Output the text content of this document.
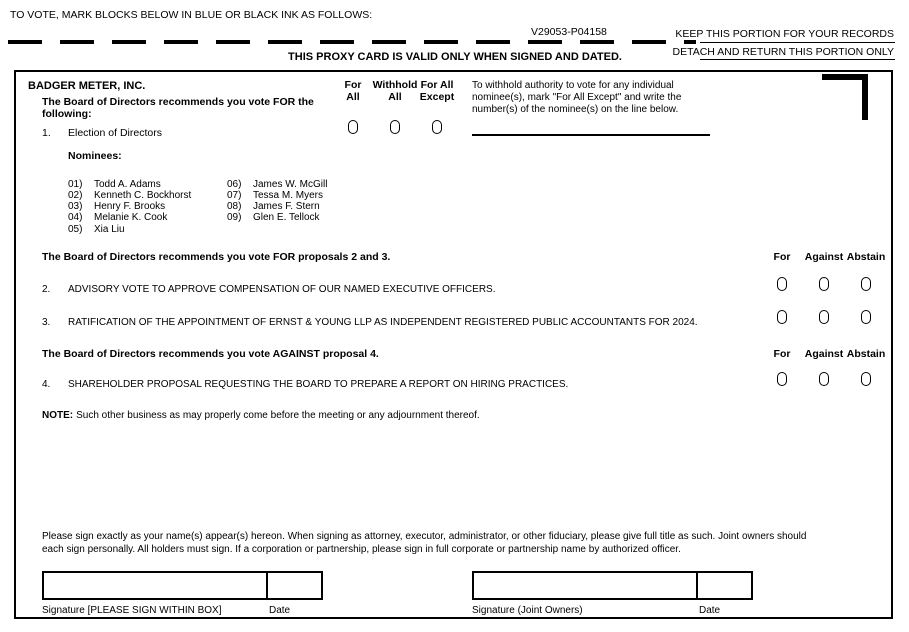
TO VOTE, MARK BLOCKS BELOW IN BLUE OR BLACK INK AS FOLLOWS:
V29053-P04158	KEEP THIS PORTION FOR YOUR RECORDS
DETACH AND RETURN THIS PORTION ONLY
THIS PROXY CARD IS VALID ONLY WHEN SIGNED AND DATED.
BADGER METER, INC.
The Board of Directors recommends you vote FOR the following:
For
All
Withhold
All
For All
Except
To withhold authority to vote for any individual nominee(s), mark "For All Except" and write the number(s) of the nominee(s) on the line below.
1. Election of Directors
Nominees:
01) Todd A. Adams	06) James W. McGill
02) Kenneth C. Bockhorst	07) Tessa M. Myers
03) Henry F. Brooks	08) James F. Stern
04) Melanie K. Cook	09) Glen E. Tellock
05) Xia Liu
The Board of Directors recommends you vote FOR proposals 2 and 3.	For Against Abstain
2. ADVISORY VOTE TO APPROVE COMPENSATION OF OUR NAMED EXECUTIVE OFFICERS.
3. RATIFICATION OF THE APPOINTMENT OF ERNST & YOUNG LLP AS INDEPENDENT REGISTERED PUBLIC ACCOUNTANTS FOR 2024.
The Board of Directors recommends you vote AGAINST proposal 4.	For Against Abstain
4. SHAREHOLDER PROPOSAL REQUESTING THE BOARD TO PREPARE A REPORT ON HIRING PRACTICES.
NOTE: Such other business as may properly come before the meeting or any adjournment thereof.
Please sign exactly as your name(s) appear(s) hereon. When signing as attorney, executor, administrator, or other fiduciary, please give full title as such. Joint owners should each sign personally. All holders must sign. If a corporation or partnership, please sign in full corporate or partnership name by authorized officer.
Signature [PLEASE SIGN WITHIN BOX]	Date	Signature (Joint Owners)	Date
